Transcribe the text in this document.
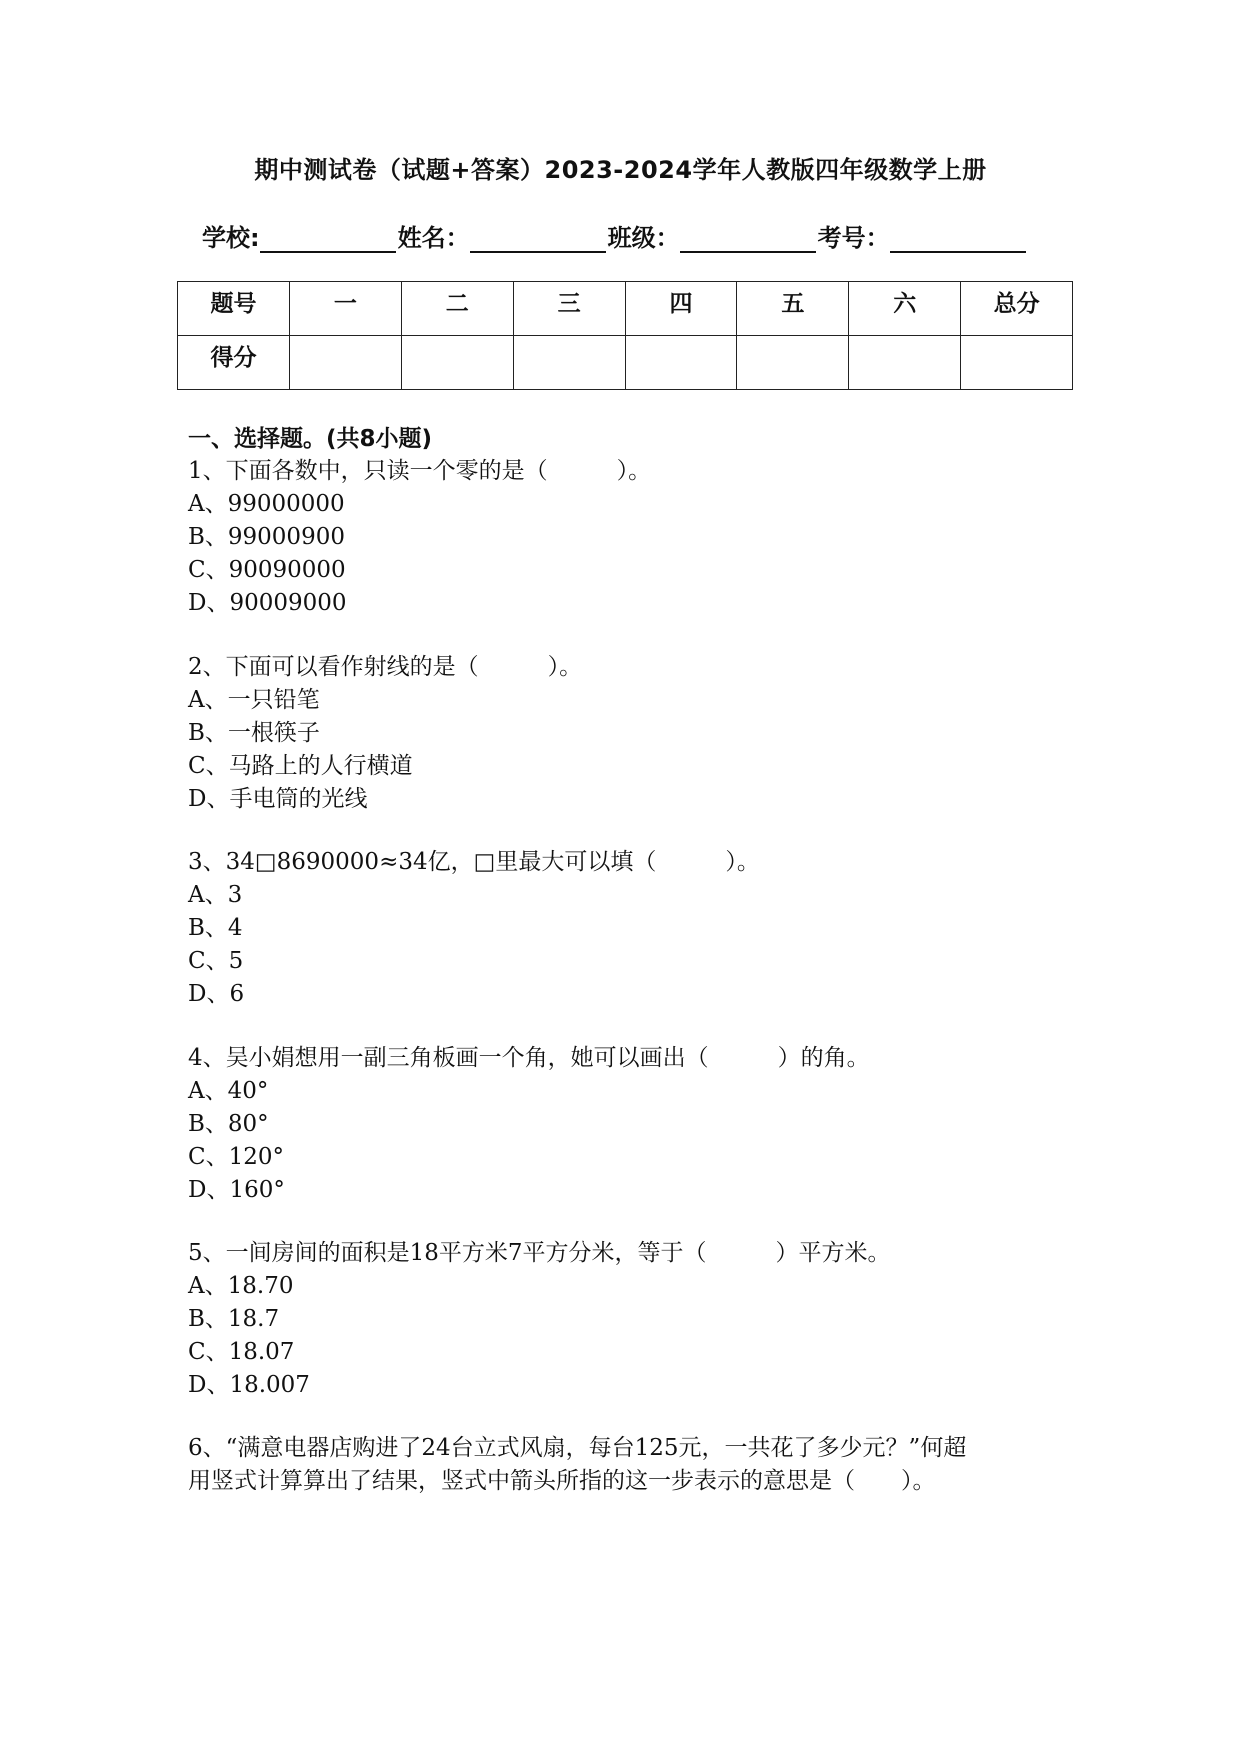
期中测试卷（试题+答案）2023-2024学年人教版四年级数学上册
学校:	姓名：	班级：	考号：
题号	一	二	三	四	五	六	总分
得分							
一、选择题。(共8小题)
1、下面各数中，只读一个零的是（　　　）。
A、99000000
B、99000900
C、90090000
D、90009000
2、下面可以看作射线的是（　　　）。
A、一只铅笔
B、一根筷子
C、马路上的人行横道
D、手电筒的光线
3、34□8690000≈34亿，□里最大可以填（　　　）。
A、3
B、4
C、5
D、6
4、吴小娟想用一副三角板画一个角，她可以画出（　　　）的角。
A、40°
B、80°
C、120°
D、160°
5、一间房间的面积是18平方米7平方分米，等于（　　　）平方米。
A、18.70
B、18.7
C、18.07
D、18.007
6、“满意电器店购进了24台立式风扇，每台125元，一共花了多少元？”何超
用竖式计算算出了结果，竖式中箭头所指的这一步表示的意思是（　　）。
